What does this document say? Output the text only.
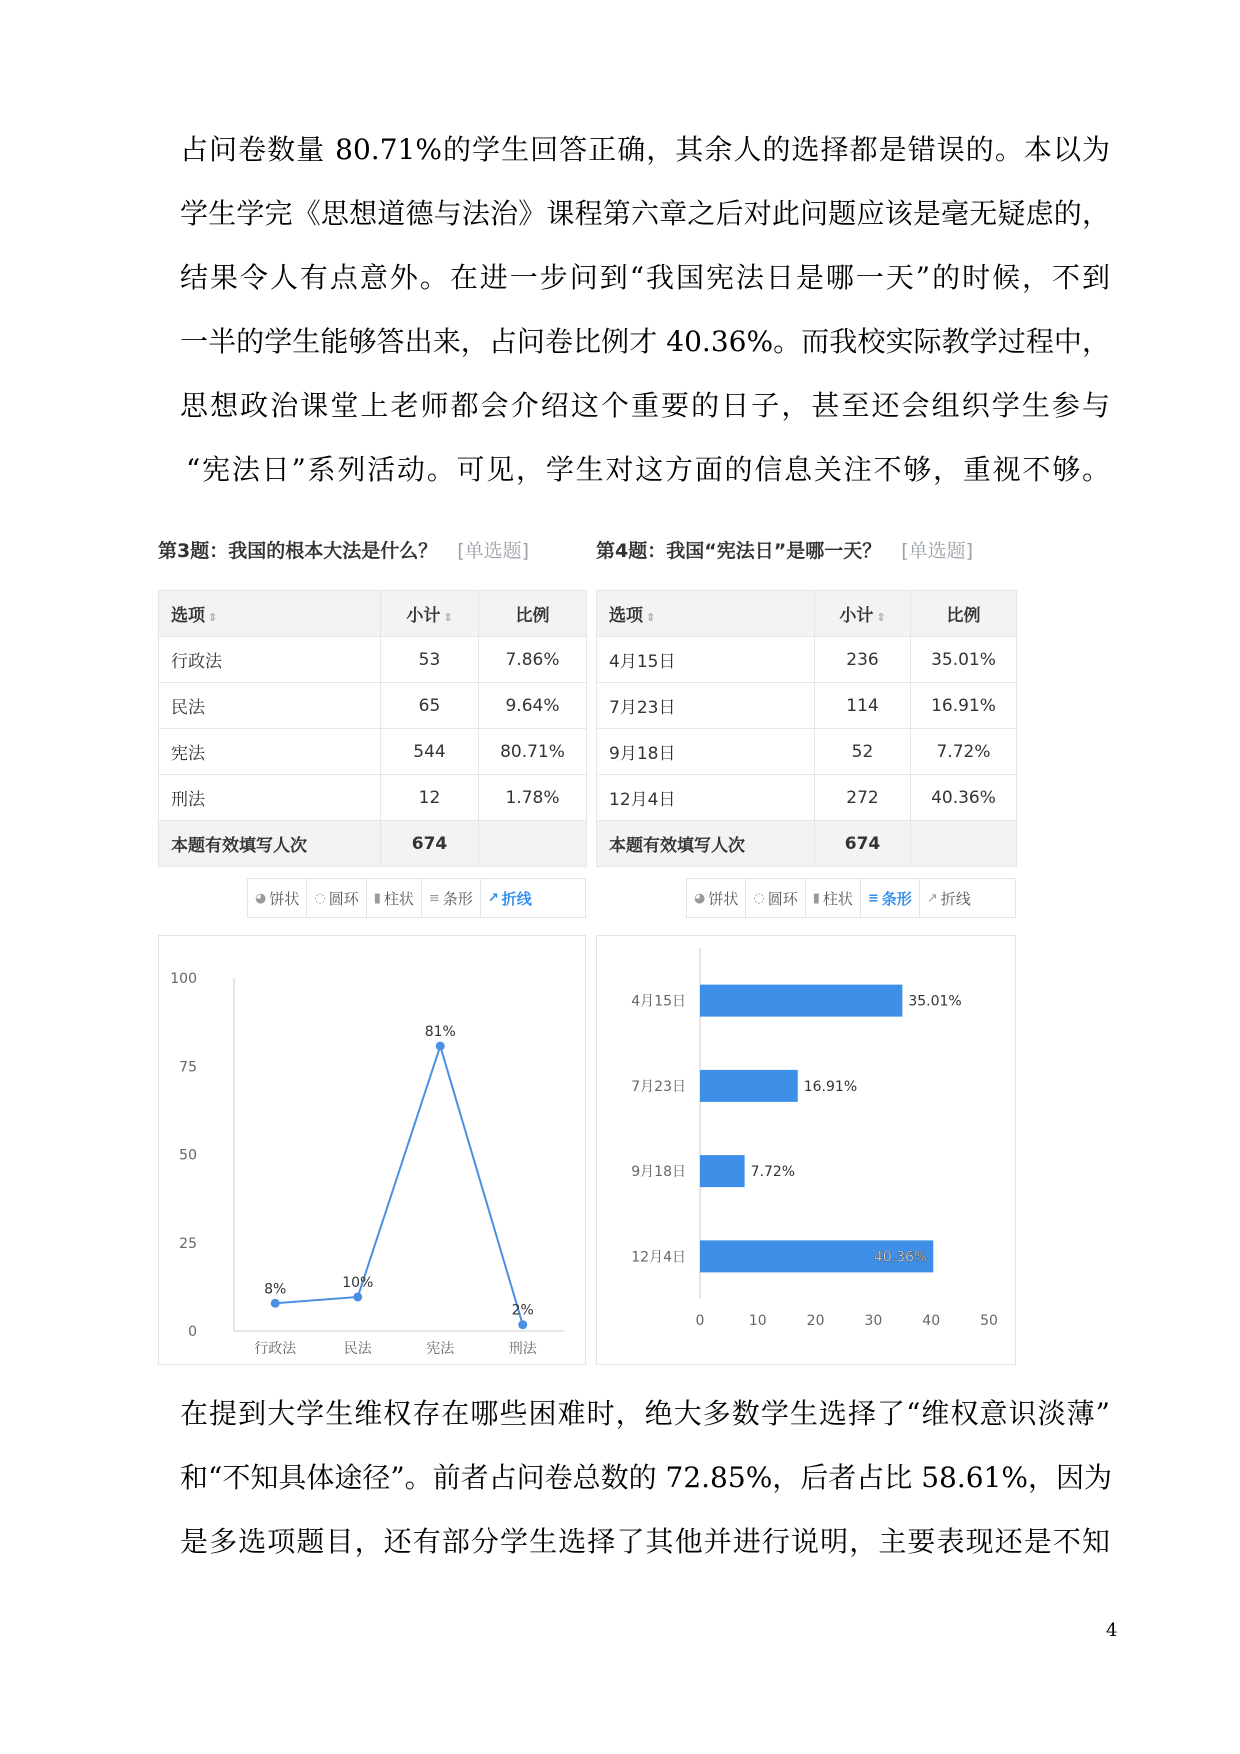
占问卷数量 80.71%的学生回答正确，其余人的选择都是错误的。本以为
学生学完《思想道德与法治》课程第六章之后对此问题应该是毫无疑虑的，
结果令人有点意外。在进一步问到“我国宪法日是哪一天”的时候，不到
一半的学生能够答出来，占问卷比例才 40.36%。而我校实际教学过程中，
思想政治课堂上老师都会介绍这个重要的日子，甚至还会组织学生参与
“宪法日”系列活动。可见，学生对这方面的信息关注不够，重视不够。
第3题：我国的根本大法是什么？ [单选题]
选项 ⇕	小计 ⇕	比例
行政法	53	7.86%
民法	65	9.64%
宪法	544	80.71%
刑法	12	1.78%
本题有效填写人次	674	
◕ 饼状 ◌ 圆环 ▮ 柱状 ≡ 条形 ↗ 折线
0
25
50
75
100
行政法	民法	宪法	刑法
8%	10%
81%
2%
第4题：我国“宪法日”是哪一天？ [单选题]
选项 ⇕	小计 ⇕	比例
4月15日	236	35.01%
7月23日	114	16.91%
9月18日	52	7.72%
12月4日	272	40.36%
本题有效填写人次	674	
◕ 饼状 ◌ 圆环 ▮ 柱状 ≡ 条形 ↗ 折线
0	10	20	30	40	50
4月15日	35.01%
7月23日	16.91%
9月18日	7.72%
12月4日	40.36%
在提到大学生维权存在哪些困难时，绝大多数学生选择了“维权意识淡薄”
和“不知具体途径”。前者占问卷总数的 72.85%，后者占比 58.61%，因为
是多选项题目，还有部分学生选择了其他并进行说明，主要表现还是不知
4
